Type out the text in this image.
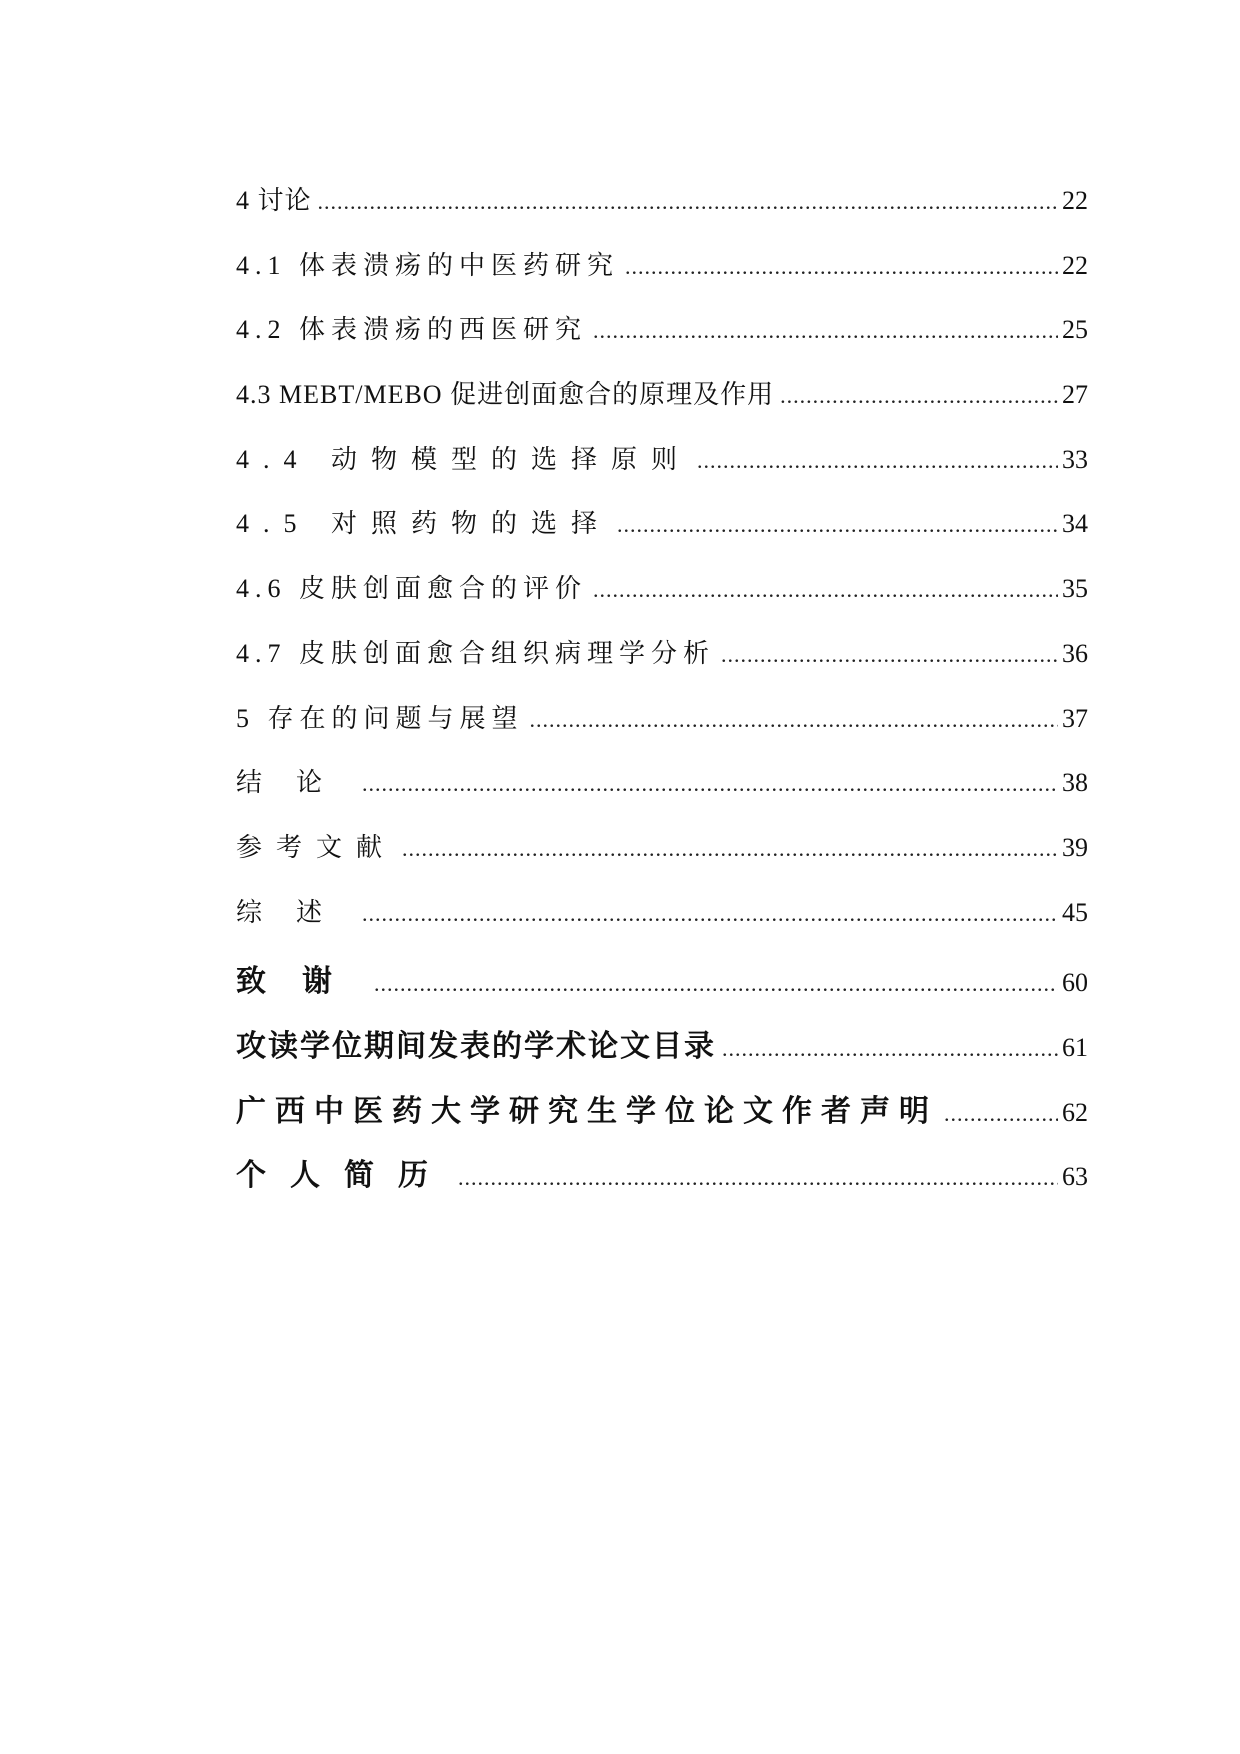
4 讨论 .....	22
4.1 体表溃疡的中医药研究 .....	22
4.2 体表溃疡的西医研究 .....	25
4.3 MEBT/MEBO 促进创面愈合的原理及作用 .....	27
4.4 动物模型的选择原则 .....	33
4.5 对照药物的选择 .....	34
4.6 皮肤创面愈合的评价 .....	35
4.7 皮肤创面愈合组织病理学分析 .....	36
5 存在的问题与展望 .....	37
结论 .....	38
参考文献 .....	39
综述 .....	45
致谢 .....	60
攻读学位期间发表的学术论文目录 .....	61
广西中医药大学研究生学位论文作者声明 .....	62
个人简历 .....	63
